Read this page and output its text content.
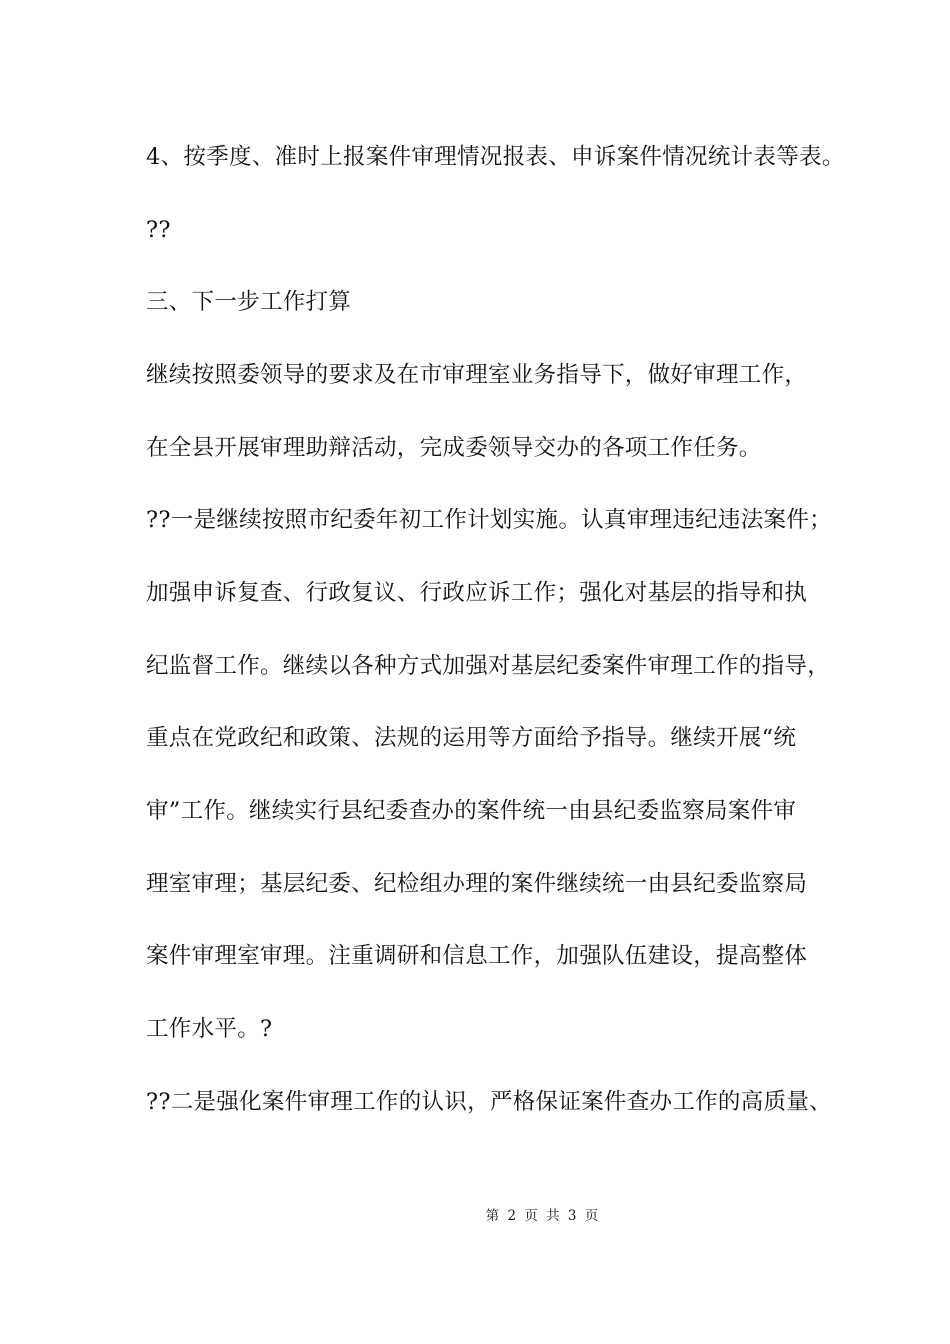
4、按季度、准时上报案件审理情况报表、申诉案件情况统计表等表。
??
三、下一步工作打算
继续按照委领导的要求及在市审理室业务指导下，做好审理工作，
在全县开展审理助辩活动，完成委领导交办的各项工作任务。
??一是继续按照市纪委年初工作计划实施。认真审理违纪违法案件；
加强申诉复查、行政复议、行政应诉工作；强化对基层的指导和执
纪监督工作。继续以各种方式加强对基层纪委案件审理工作的指导，
重点在党政纪和政策、法规的运用等方面给予指导。继续开展“统
审”工作。继续实行县纪委查办的案件统一由县纪委监察局案件审
理室审理；基层纪委、纪检组办理的案件继续统一由县纪委监察局
案件审理室审理。注重调研和信息工作，加强队伍建设，提高整体
工作水平。?
??二是强化案件审理工作的认识，严格保证案件查办工作的高质量、
第 2 页 共 3 页
